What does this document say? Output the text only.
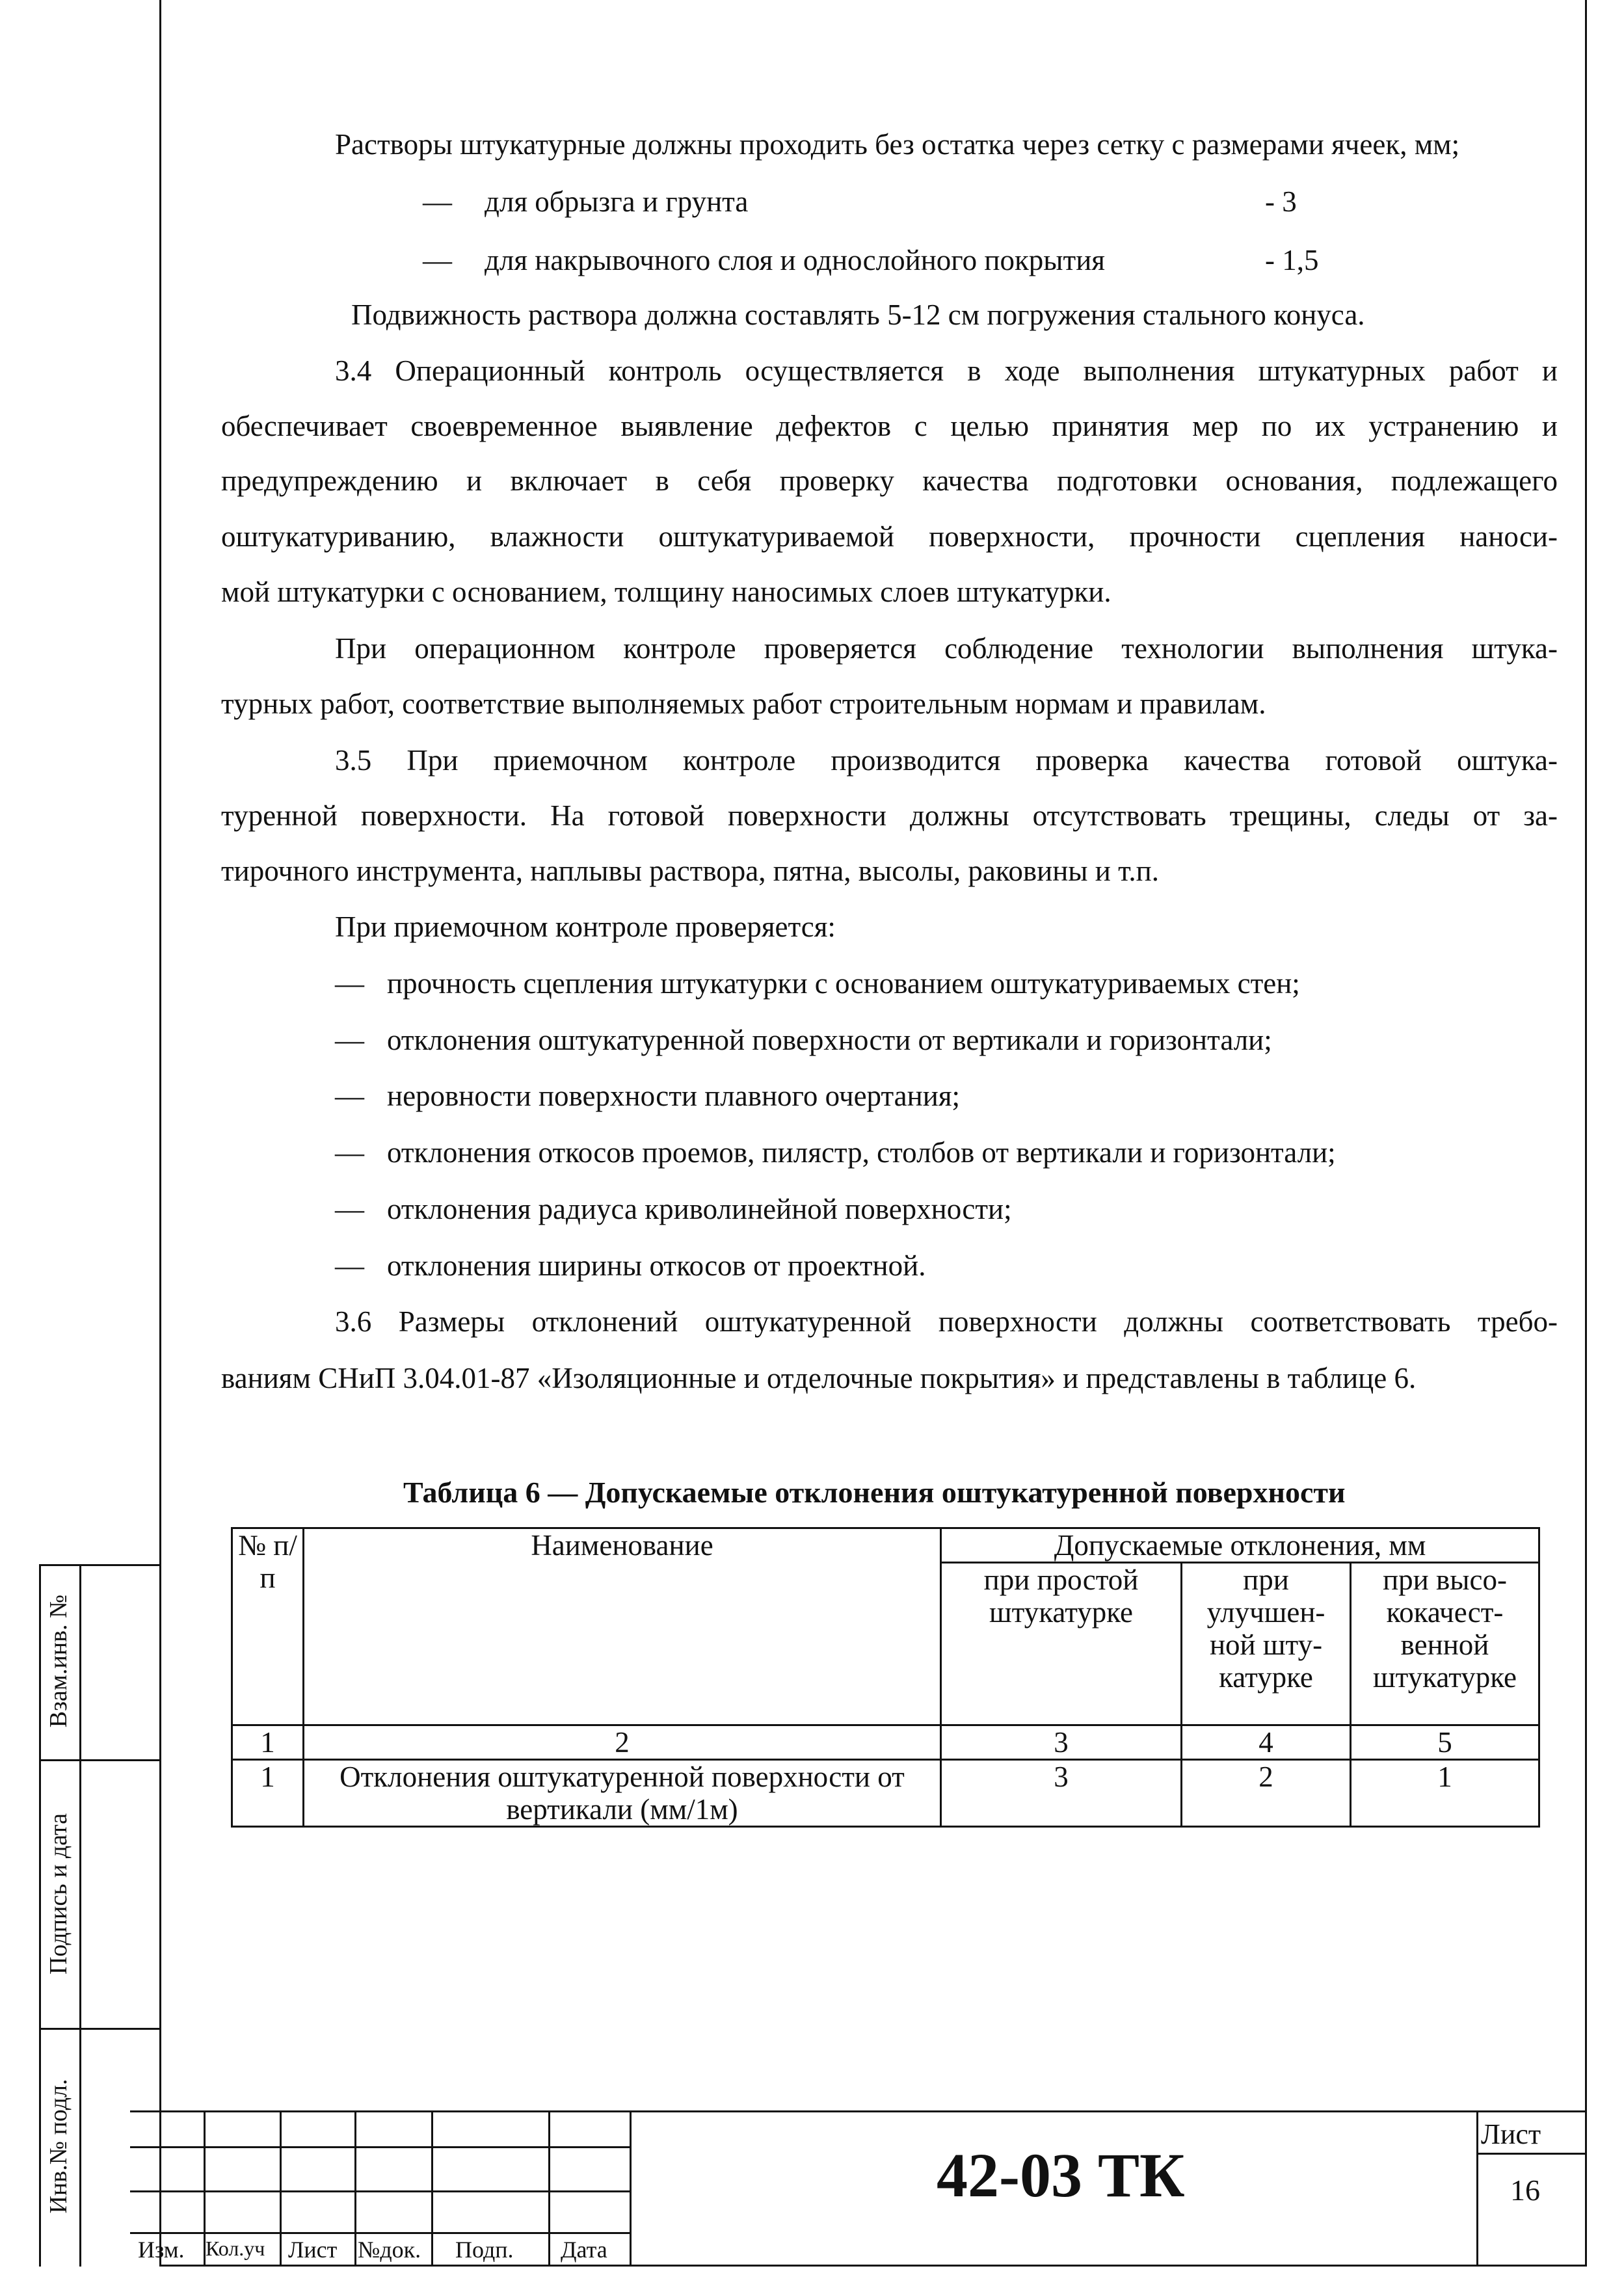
Растворы штукатурные должны проходить без остатка через сетку с размерами ячеек, мм;
— для обрызга и грунта	- 3
— для накрывочного слоя и однослойного покрытия	- 1,5
Подвижность раствора должна составлять 5-12 см погружения стального конуса.
3.4 Операционный контроль осуществляется в ходе выполнения штукатурных работ и
обеспечивает своевременное выявление дефектов с целью принятия мер по их устранению и
предупреждению и включает в себя проверку качества подготовки основания, подлежащего
оштукатуриванию, влажности оштукатуриваемой поверхности, прочности сцепления наноси-
мой штукатурки с основанием, толщину наносимых слоев штукатурки.
При операционном контроле проверяется соблюдение технологии выполнения штука-
турных работ, соответствие выполняемых работ строительным нормам и правилам.
3.5 При приемочном контроле производится проверка качества готовой оштука-
туренной поверхности. На готовой поверхности должны отсутствовать трещины, следы от за-
тирочного инструмента, наплывы раствора, пятна, высолы, раковины и т.п.
При приемочном контроле проверяется:
— прочность сцепления штукатурки с основанием оштукатуриваемых стен;
— отклонения оштукатуренной поверхности от вертикали и горизонтали;
— неровности поверхности плавного очертания;
— отклонения откосов проемов, пилястр, столбов от вертикали и горизонтали;
— отклонения радиуса криволинейной поверхности;
— отклонения ширины откосов от проектной.
3.6 Размеры отклонений оштукатуренной поверхности должны соответствовать требо-
ваниям СНиП 3.04.01-87 «Изоляционные и отделочные покрытия» и представлены в таблице 6.
Таблица 6 — Допускаемые отклонения оштукатуренной поверхности
№ п/п	Наименование	Допускаемые отклонения, мм		
		при простой штукатурке	при улучшен-ной шту-катурке	при высо-кокачест-венной штукатурке
1	2	3	4	5
1	Отклонения оштукатуренной поверхности от вертикали (мм/1м)	3	2	1
Взам.инв. №
Подпись и дата
Инв.№ подл.
Изм. Кол.уч Лист №док. Подп. Дата
42-03 ТК
Лист
16
